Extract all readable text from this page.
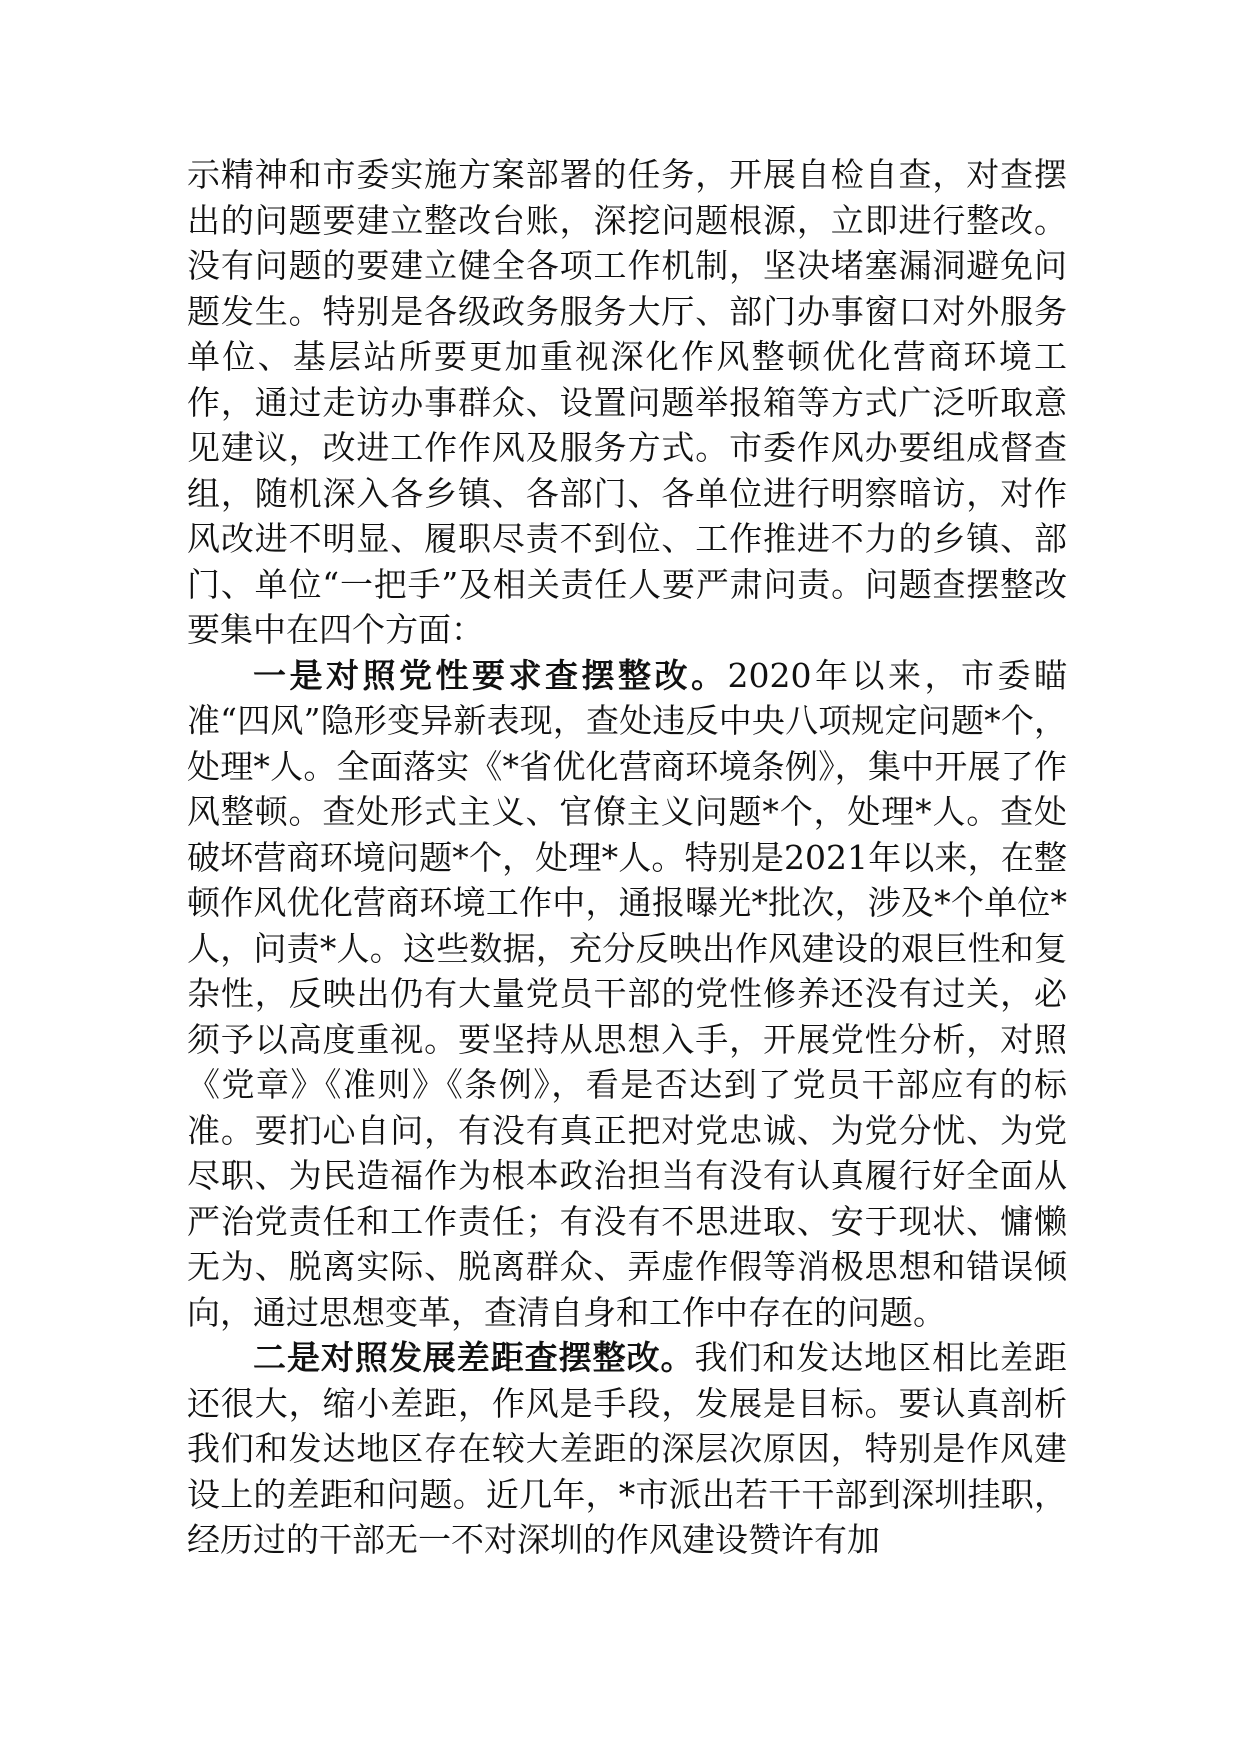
示精神和市委实施方案部署的任务，开展自检自查，对查摆出的问题要建立整改台账，深挖问题根源，立即进行整改。没有问题的要建立健全各项工作机制，坚决堵塞漏洞避免问题发生。特别是各级政务服务大厅、部门办事窗口对外服务单位、基层站所要更加重视深化作风整顿优化营商环境工作，通过走访办事群众、设置问题举报箱等方式广泛听取意见建议，改进工作作风及服务方式。市委作风办要组成督查组，随机深入各乡镇、各部门、各单位进行明察暗访，对作风改进不明显、履职尽责不到位、工作推进不力的乡镇、部门、单位“一把手”及相关责任人要严肃问责。问题查摆整改要集中在四个方面：

一是对照党性要求查摆整改。2020年以来，市委瞄准“四风”隐形变异新表现，查处违反中央八项规定问题*个，处理*人。全面落实《*省优化营商环境条例》，集中开展了作风整顿。查处形式主义、官僚主义问题*个，处理*人。查处破坏营商环境问题*个，处理*人。特别是2021年以来，在整顿作风优化营商环境工作中，通报曝光*批次，涉及*个单位*人，问责*人。这些数据，充分反映出作风建设的艰巨性和复杂性，反映出仍有大量党员干部的党性修养还没有过关，必须予以高度重视。要坚持从思想入手，开展党性分析，对照《党章》《准则》《条例》，看是否达到了党员干部应有的标准。要扪心自问，有没有真正把对党忠诚、为党分忧、为党尽职、为民造福作为根本政治担当有没有认真履行好全面从严治党责任和工作责任；有没有不思进取、安于现状、慵懒无为、脱离实际、脱离群众、弄虚作假等消极思想和错误倾向，通过思想变革，查清自身和工作中存在的问题。

二是对照发展差距查摆整改。我们和发达地区相比差距还很大，缩小差距，作风是手段，发展是目标。要认真剖析我们和发达地区存在较大差距的深层次原因，特别是作风建设上的差距和问题。近几年，*市派出若干干部到深圳挂职，经历过的干部无一不对深圳的作风建设赞许有加
